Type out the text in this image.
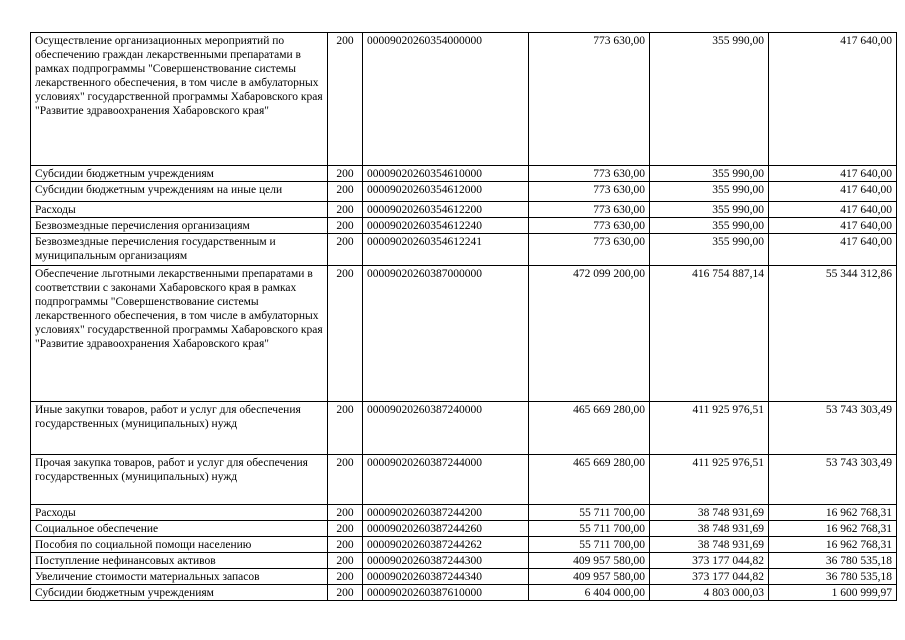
Осуществление организационных мероприятий по обеспечению граждан лекарственными препаратами в рамках подпрограммы "Совершенствование системы лекарственного обеспечения, в том числе в амбулаторных условиях" государственной программы Хабаровского края "Развитие здравоохранения Хабаровского края"	200	00009020260354000000	773 630,00	355 990,00	417 640,00
Субсидии бюджетным учреждениям	200	00009020260354610000	773 630,00	355 990,00	417 640,00
Субсидии бюджетным учреждениям на иные цели	200	00009020260354612000	773 630,00	355 990,00	417 640,00
Расходы	200	00009020260354612200	773 630,00	355 990,00	417 640,00
Безвозмездные перечисления организациям	200	00009020260354612240	773 630,00	355 990,00	417 640,00
Безвозмездные перечисления государственным и муниципальным организациям	200	00009020260354612241	773 630,00	355 990,00	417 640,00
Обеспечение льготными лекарственными препаратами в соответствии с законами Хабаровского края в рамках подпрограммы "Совершенствование системы лекарственного обеспечения, в том числе в амбулаторных условиях" государственной программы Хабаровского края "Развитие здравоохранения Хабаровского края"	200	00009020260387000000	472 099 200,00	416 754 887,14	55 344 312,86
Иные закупки товаров, работ и услуг для обеспечения государственных (муниципальных) нужд	200	00009020260387240000	465 669 280,00	411 925 976,51	53 743 303,49
Прочая закупка товаров, работ и услуг для обеспечения государственных (муниципальных) нужд	200	00009020260387244000	465 669 280,00	411 925 976,51	53 743 303,49
Расходы	200	00009020260387244200	55 711 700,00	38 748 931,69	16 962 768,31
Социальное обеспечение	200	00009020260387244260	55 711 700,00	38 748 931,69	16 962 768,31
Пособия по социальной помощи населению	200	00009020260387244262	55 711 700,00	38 748 931,69	16 962 768,31
Поступление нефинансовых активов	200	00009020260387244300	409 957 580,00	373 177 044,82	36 780 535,18
Увеличение стоимости материальных запасов	200	00009020260387244340	409 957 580,00	373 177 044,82	36 780 535,18
Субсидии бюджетным учреждениям	200	00009020260387610000	6 404 000,00	4 803 000,03	1 600 999,97
